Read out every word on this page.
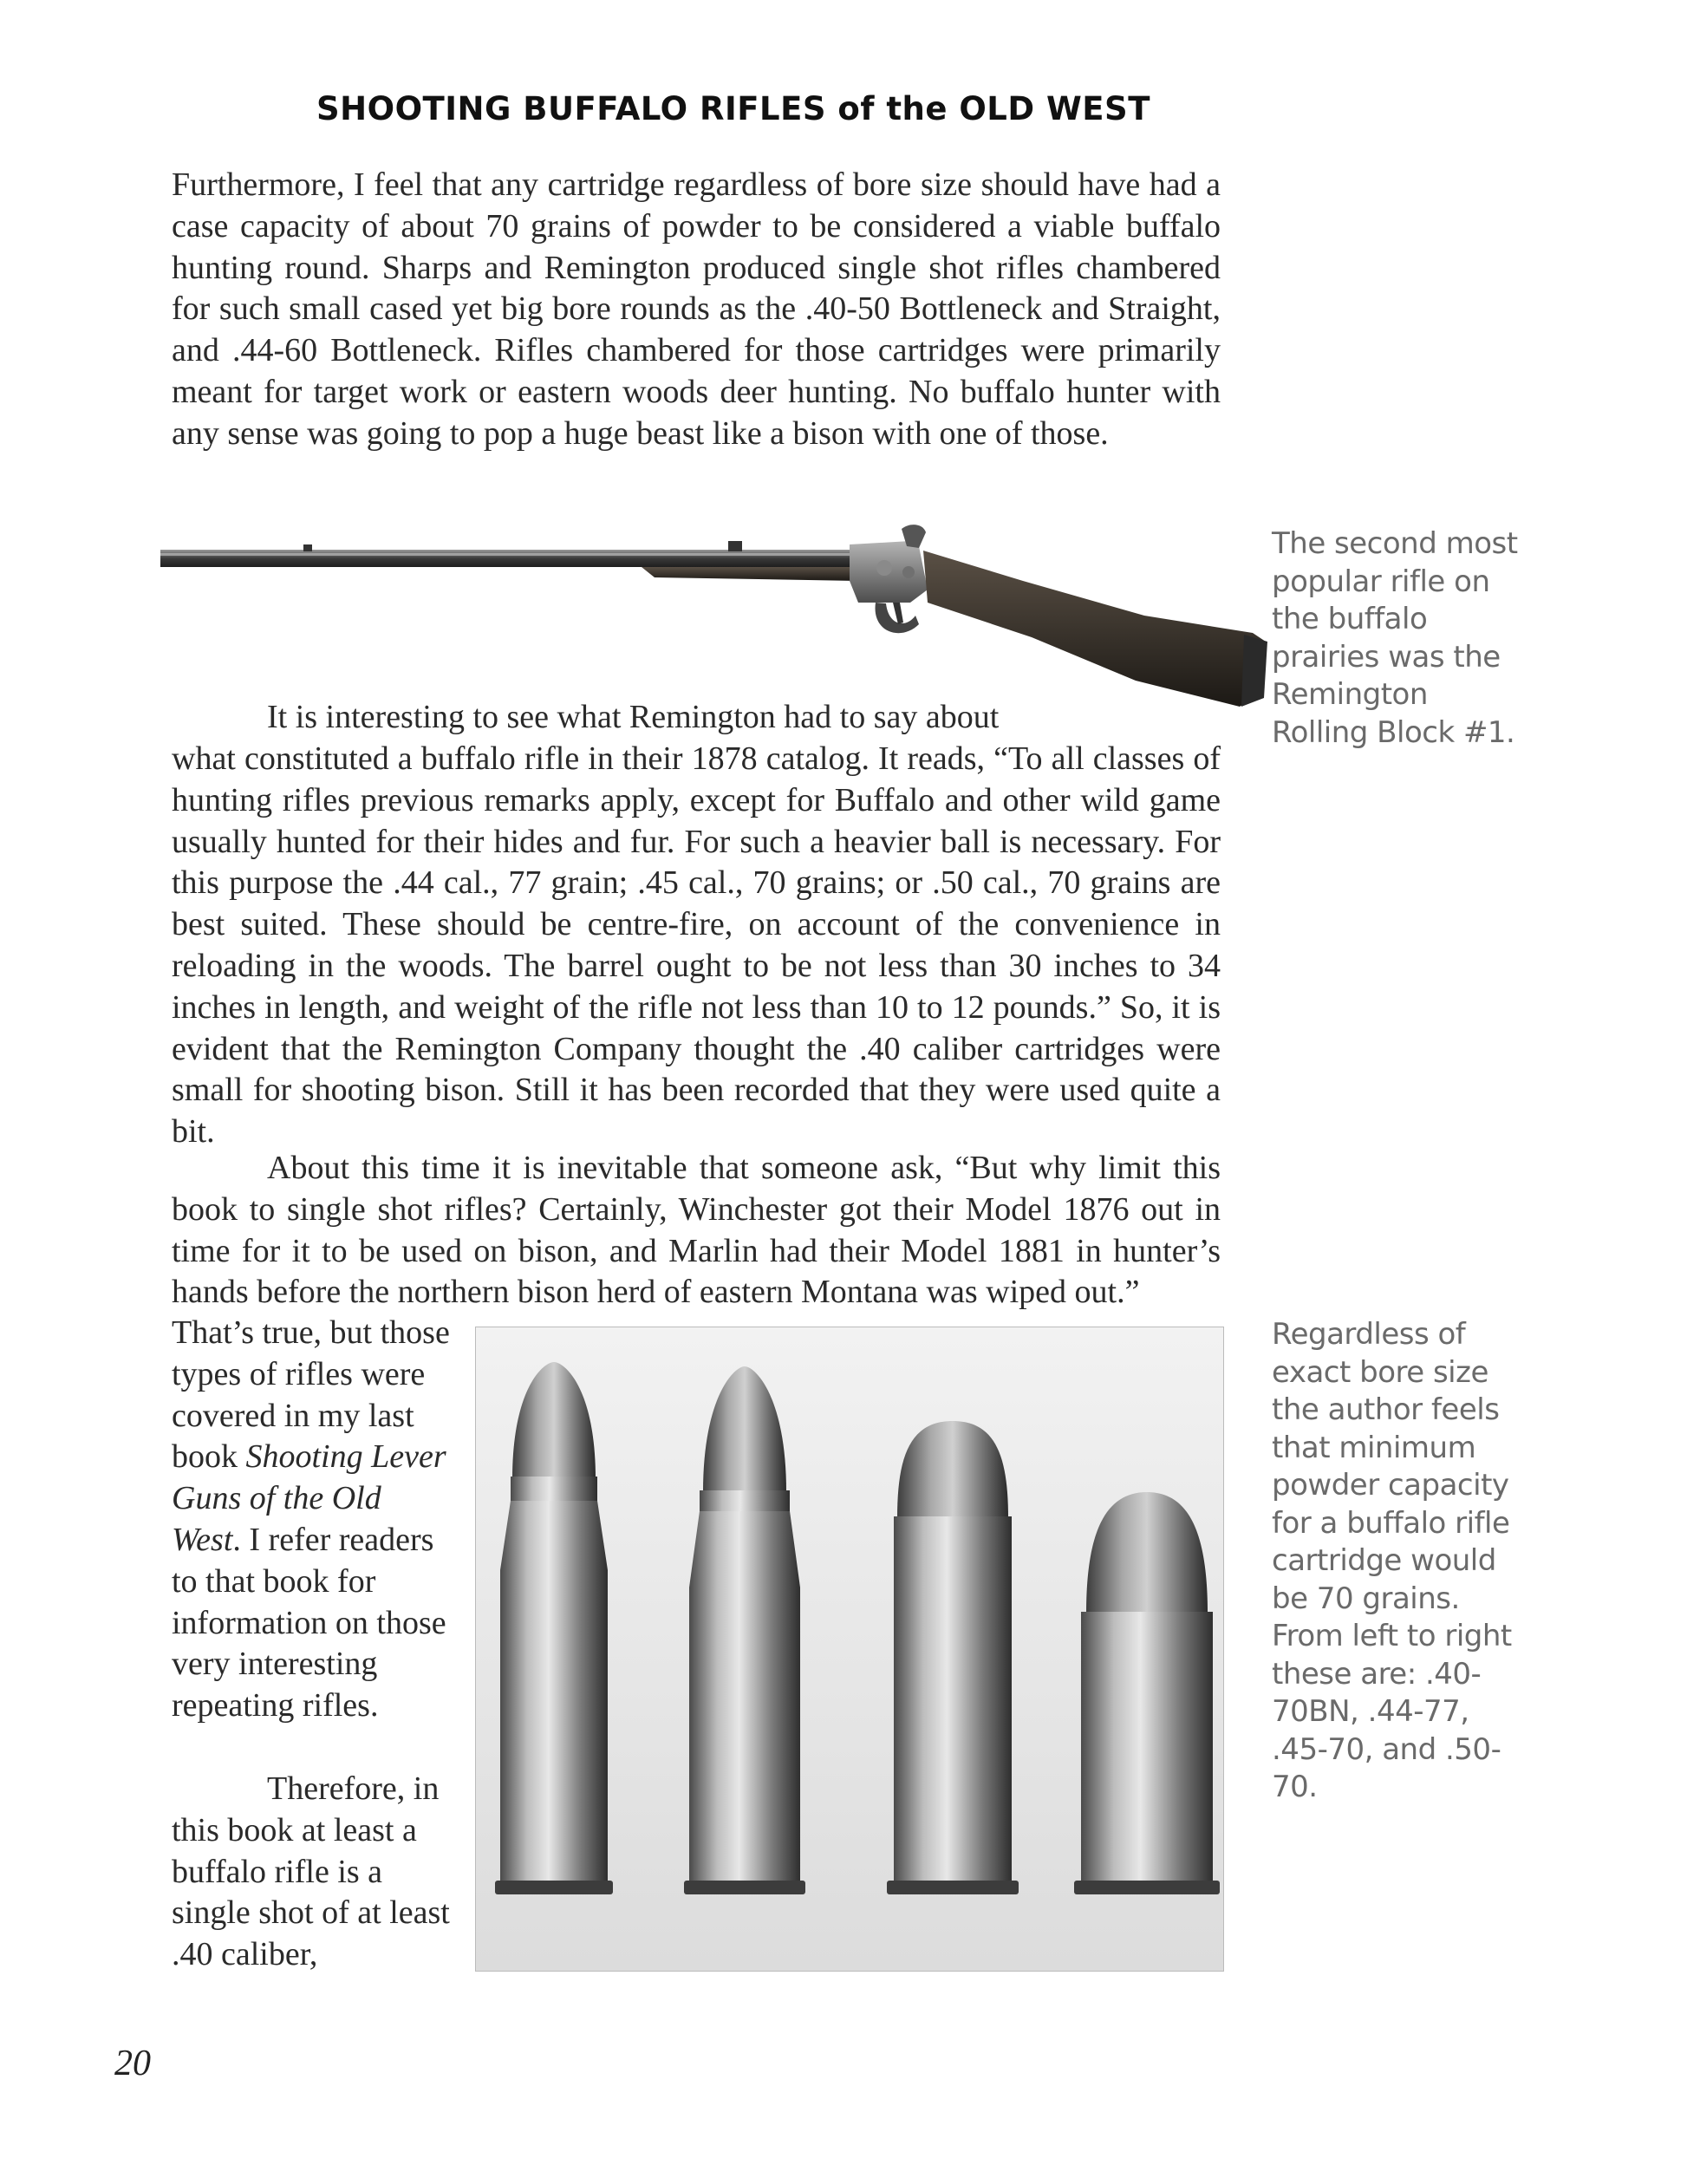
SHOOTING BUFFALO RIFLES of the OLD WEST

Furthermore, I feel that any cartridge regardless of bore size should have had a case capacity of about 70 grains of powder to be considered a viable buffalo hunting round. Sharps and Remington produced single shot rifles chambered for such small cased yet big bore rounds as the .40-50 Bottleneck and Straight, and .44-60 Bottleneck. Rifles chambered for those cartridges were primarily meant for target work or eastern woods deer hunting. No buffalo hunter with any sense was going to pop a huge beast like a bison with one of those.

The second most popular rifle on the buffalo prairies was the Remington Rolling Block #1.

It is interesting to see what Remington had to say about

what constituted a buffalo rifle in their 1878 catalog. It reads, “To all classes of hunting rifles previous remarks apply, except for Buffalo and other wild game usually hunted for their hides and fur. For such a heavier ball is necessary. For this purpose the .44 cal., 77 grain; .45 cal., 70 grains; or .50 cal., 70 grains are best suited. These should be centre-fire, on account of the convenience in reloading in the woods. The barrel ought to be not less than 30 inches to 34 inches in length, and weight of the rifle not less than 10 to 12 pounds.” So, it is evident that the Remington Company thought the .40 caliber cartridges were small for shooting bison. Still it has been recorded that they were used quite a bit.

About this time it is inevitable that someone ask, “But why limit this book to single shot rifles? Certainly, Winchester got their Model 1876 out in time for it to be used on bison, and Marlin had their Model 1881 in hunter’s hands before the northern bison herd of eastern Montana was wiped out.”

That’s true, but those types of rifles were covered in my last book Shooting Lever Guns of the Old West. I refer readers to that book for information on those very interesting repeating rifles.

Therefore, in this book at least a buffalo rifle is a single shot of at least .40 caliber,

Regardless of exact bore size the author feels that minimum powder capacity for a buffalo rifle cartridge would be 70 grains. From left to right these are: .40-70BN, .44-77, .45-70, and .50-70.
20
